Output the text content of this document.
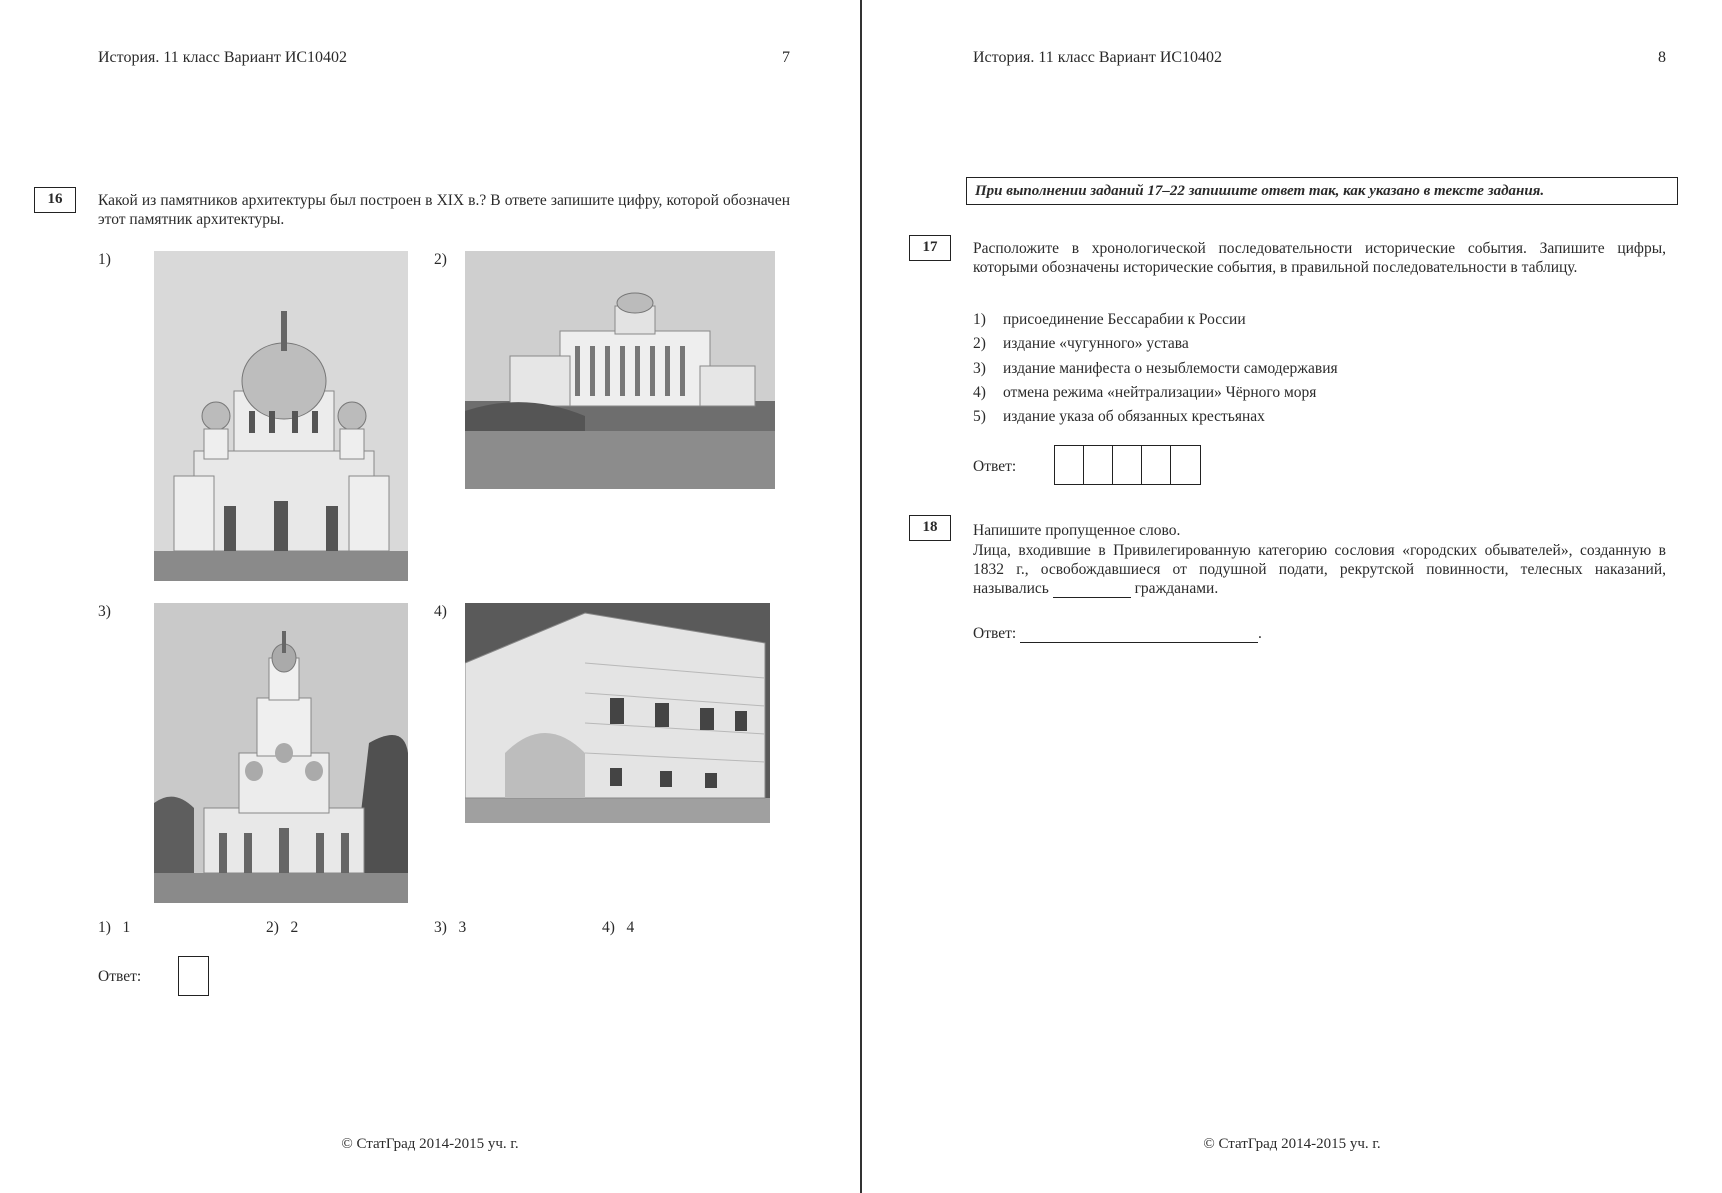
История. 11 класс Вариант ИС10402	7
16	Какой из памятников архитектуры был построен в XIX в.? В ответе запишите цифру, которой обозначен этот памятник архитектуры.
1)	2)
3)	4)
1) 1	2) 2	3) 3	4) 4
Ответ:
© СтатГрад 2014-2015 уч. г.
История. 11 класс Вариант ИС10402	8
При выполнении заданий 17–22 запишите ответ так, как указано в тексте задания.
17	Расположите в хронологической последовательности исторические события. Запишите цифры, которыми обозначены исторические события, в правильной последовательности в таблицу.
1) присоединение Бессарабии к России
2) издание «чугунного» устава
3) издание манифеста о незыблемости самодержавия
4) отмена режима «нейтрализации» Чёрного моря
5) издание указа об обязанных крестьянах
Ответ:
18	Напишите пропущенное слово.
Лица, входившие в Привилегированную категорию сословия «городских обывателей», созданную в 1832 г., освобождавшиеся от подушной подати, рекрутской повинности, телесных наказаний, назывались	гражданами.
Ответ:	.
© СтатГрад 2014-2015 уч. г.
